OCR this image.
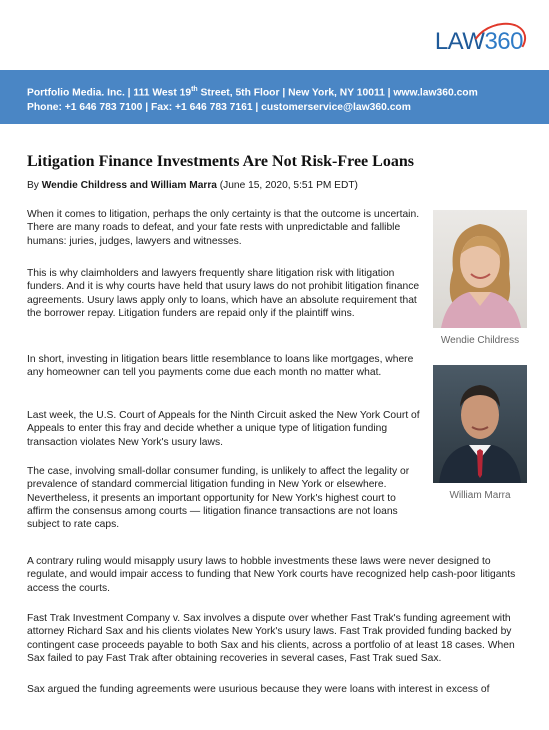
LAW360
Portfolio Media. Inc. | 111 West 19th Street, 5th Floor | New York, NY 10011 | www.law360.com
Phone: +1 646 783 7100 | Fax: +1 646 783 7161 | customerservice@law360.com
Litigation Finance Investments Are Not Risk-Free Loans
By Wendie Childress and William Marra (June 15, 2020, 5:51 PM EDT)

When it comes to litigation, perhaps the only certainty is that the outcome is uncertain. There are many roads to defeat, and your fate rests with unpredictable and fallible humans: juries, judges, lawyers and witnesses.

This is why claimholders and lawyers frequently share litigation risk with litigation funders. And it is why courts have held that usury laws do not prohibit litigation finance agreements. Usury laws apply only to loans, which have an absolute requirement that the borrower repay. Litigation funders are repaid only if the plaintiff wins.

In short, investing in litigation bears little resemblance to loans like mortgages, where any homeowner can tell you payments come due each month no matter what.

Last week, the U.S. Court of Appeals for the Ninth Circuit asked the New York Court of Appeals to enter this fray and decide whether a unique type of litigation funding transaction violates New York's usury laws.

The case, involving small-dollar consumer funding, is unlikely to affect the legality or prevalence of standard commercial litigation funding in New York or elsewhere. Nevertheless, it presents an important opportunity for New York's highest court to affirm the consensus among courts — litigation finance transactions are not loans subject to rate caps.

A contrary ruling would misapply usury laws to hobble investments these laws were never designed to regulate, and would impair access to funding that New York courts have recognized help cash-poor litigants access the courts.

Fast Trak Investment Company v. Sax involves a dispute over whether Fast Trak's funding agreement with attorney Richard Sax and his clients violates New York's usury laws. Fast Trak provided funding backed by contingent case proceeds payable to both Sax and his clients, across a portfolio of at least 18 cases. When Sax failed to pay Fast Trak after obtaining recoveries in several cases, Fast Trak sued Sax.

Sax argued the funding agreements were usurious because they were loans with interest in excess of

Wendie Childress
William Marra
